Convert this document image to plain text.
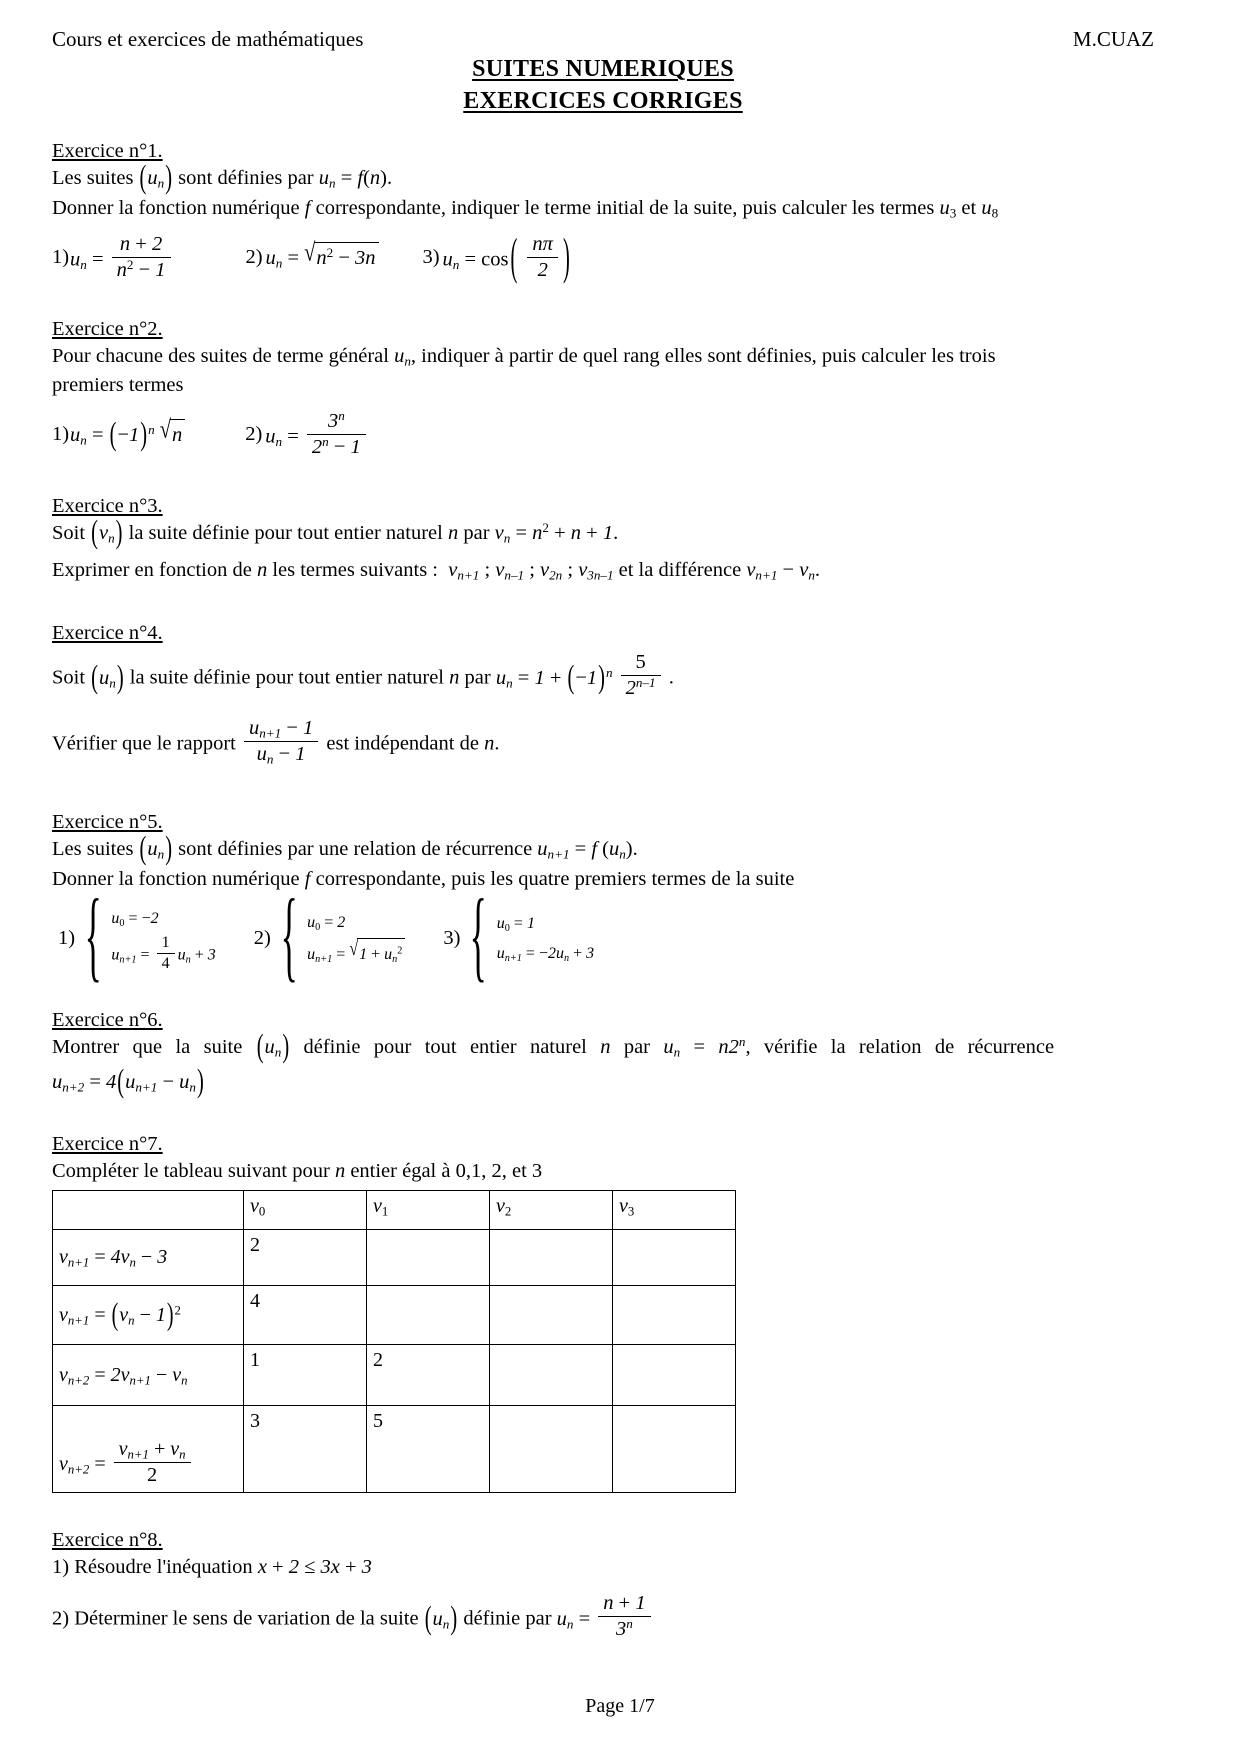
Cours et exercices de mathématiques	M.CUAZ
SUITES NUMERIQUES
EXERCICES CORRIGES
Exercice n°1.

Les suites $(u_n)$ sont définies par $u_n = f(n)$.

Donner la fonction numérique f correspondante, indiquer le terme initial de la suite, puis calculer les termes $u_3$ et $u_8$

1) $u_n = \frac{n + 2}{n^2 - 1}$	2) $u_n = √n^2 - 3n$ 3) $u_n = \cos( \frac{n\pi}{2}$ )
Exercice n°2.

Pour chacune des suites de terme général $u_n$, indiquer à partir de quel rang elles sont définies, puis calculer les trois

premiers termes

1) $u_n = (-1)^n$ √n	2) $u_n = \frac{3^n}{2^n - 1}$
Exercice n°3.

Soit $(v_n)$ la suite définie pour tout entier naturel n par $v_n = n^2 + n + 1$.

Exprimer en fonction de n les termes suivants :  $v_{n+1}$ ; $v_{n-1}$ ; $v_{2n}$ ; $v_{3n-1}$ et la différence $v_{n+1} - v_n$.

Exercice n°4.

Soit $(u_n)$ la suite définie pour tout entier naturel n par $u_n = 1 + (-1)^n \frac{5}{2^{n-1}}$ .

Vérifier que le rapport $\frac{u_{n+1} - 1}{u_n - 1}$ est indépendant de n.

Exercice n°5.

Les suites $(u_n)$ sont définies par une relation de récurrence $u_{n+1} = f$ $(u_n)$.

Donner la fonction numérique f correspondante, puis les quatre premiers termes de la suite

1) { $u_0 = -2$
$u_{n+1} = \frac{1}{4} u_n + 3$
2) { $u_0 = 2$
$u_{n+1} = √1 + u_n^2$
3) { $u_0 = 1$
$u_{n+1} = -2u_n + 3$
Exercice n°6.

Montrer que la suite $(u_n)$ définie pour tout entier naturel n par $u_n = n2^n$, vérifie la relation de récurrence

$u_{n+2} = 4(u_{n+1} - u_n)$

Exercice n°7.

Compléter le tableau suivant pour n entier égal à 0,1, 2, et 3

	$v_0$	$v_1$	$v_2$	$v_3$
$v_{n+1} = 4v_n - 3$	2			
$v_{n+1} = (v_n - 1)^2$	4			
$v_{n+2} = 2v_{n+1} - v_n$	1	2		
$v_{n+2} = \frac{v_{n+1} + v_n}{2}$	3	5		
Exercice n°8.

1) Résoudre l'inéquation x + 2 ≤ 3x + 3

2) Déterminer le sens de variation de la suite $(u_n)$ définie par $u_n = \frac{n + 1}{3^n}$

Page 1/7
